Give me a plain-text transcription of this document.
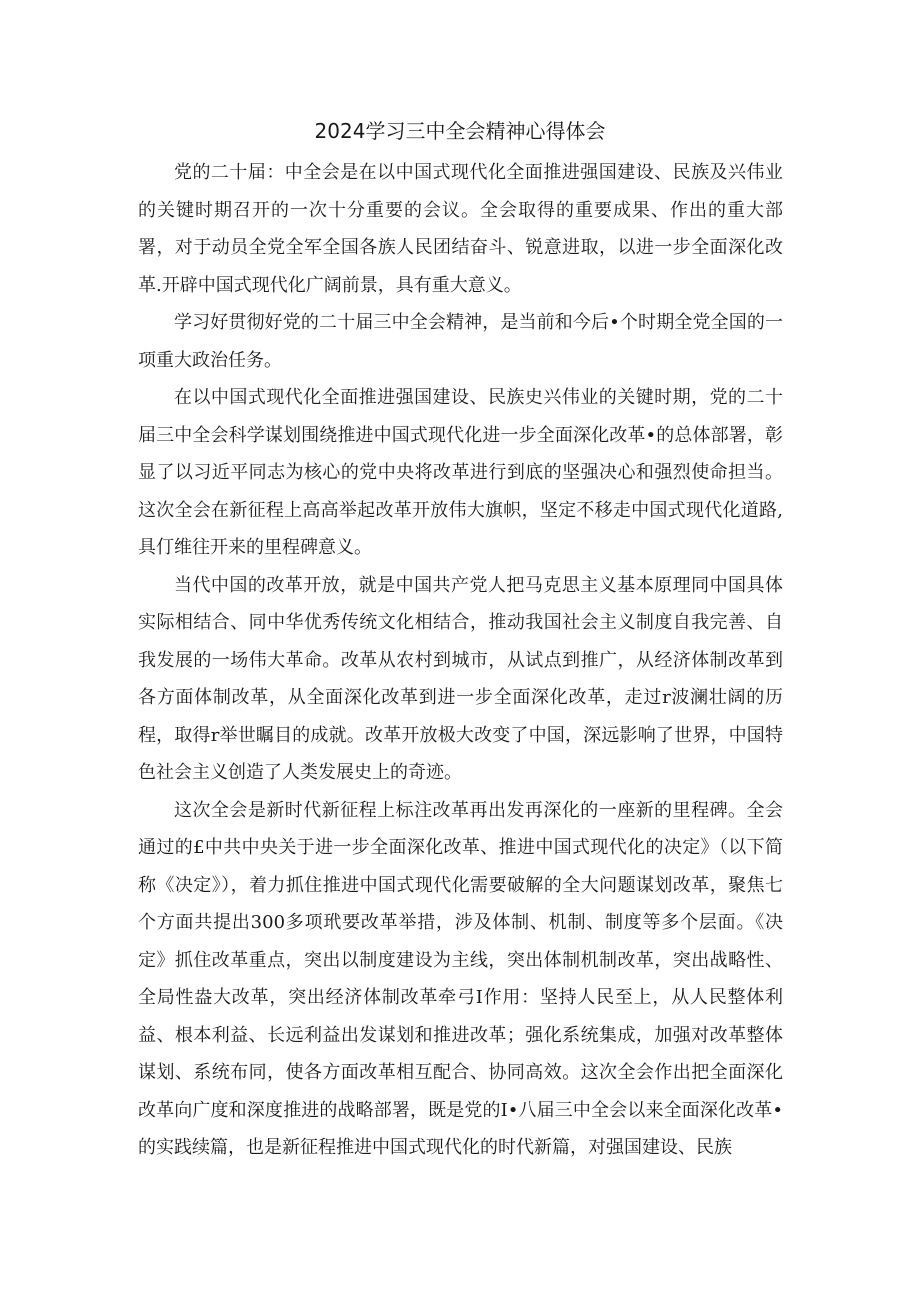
2024学习三中全会精神心得体会

党的二十届：中全会是在以中国式现代化全面推进强国建设、民族及兴伟业的关键时期召开的一次十分重要的会议。全会取得的重要成果、作出的重大部署，对于动员全党全军全国各族人民团结奋斗、锐意进取，以进一步全面深化改革.开辟中国式现代化广阔前景，具有重大意义。

学习好贯彻好党的二十届三中全会精神，是当前和今后•个时期全党全国的一项重大政治任务。

在以中国式现代化全面推进强国建设、民族史兴伟业的关键时期，党的二十届三中全会科学谋划围绕推进中国式现代化进一步全面深化改革•的总体部署，彰显了以习近平同志为核心的党中央将改革进行到底的坚强决心和强烈使命担当。这次全会在新征程上高高举起改革开放伟大旗帜，坚定不移走中国式现代化道路,具仃维往开来的里程碑意义。

当代中国的改革开放，就是中国共产党人把马克思主义基本原理同中国具体实际相结合、同中华优秀传统文化相结合，推动我国社会主义制度自我完善、自我发展的一场伟大革命。改革从农村到城市，从试点到推广，从经济体制改革到各方面体制改革，从全面深化改革到进一步全面深化改革，走过r波澜壮阔的历程，取得r举世瞩目的成就。改革开放极大改变了中国，深远影响了世界，中国特色社会主义创造了人类发展史上的奇迹。

这次全会是新时代新征程上标注改革再出发再深化的一座新的里程碑。全会通过的£中共中央关于进一步全面深化改革、推进中国式现代化的决定》（以下简称《决定》），着力抓住推进中国式现代化需要破解的全大问题谋划改革，聚焦七个方面共提出300多项玳要改革举措，涉及体制、机制、制度等多个层面。《决定》抓住改革重点，突出以制度建设为主线，突出体制机制改革，突出战略性、全局性盎大改革，突出经济体制改革牵弓I作用：坚持人民至上，从人民整体利益、根本利益、长远利益出发谋划和推进改革；强化系统集成，加强对改革整体谋划、系统布同，使各方面改革相互配合、协同高效。这次全会作出把全面深化改革向广度和深度推进的战略部署，既是党的I•八届三中全会以来全面深化改革•的实践续篇，也是新征程推进中国式现代化的时代新篇，对强国建设、民族
